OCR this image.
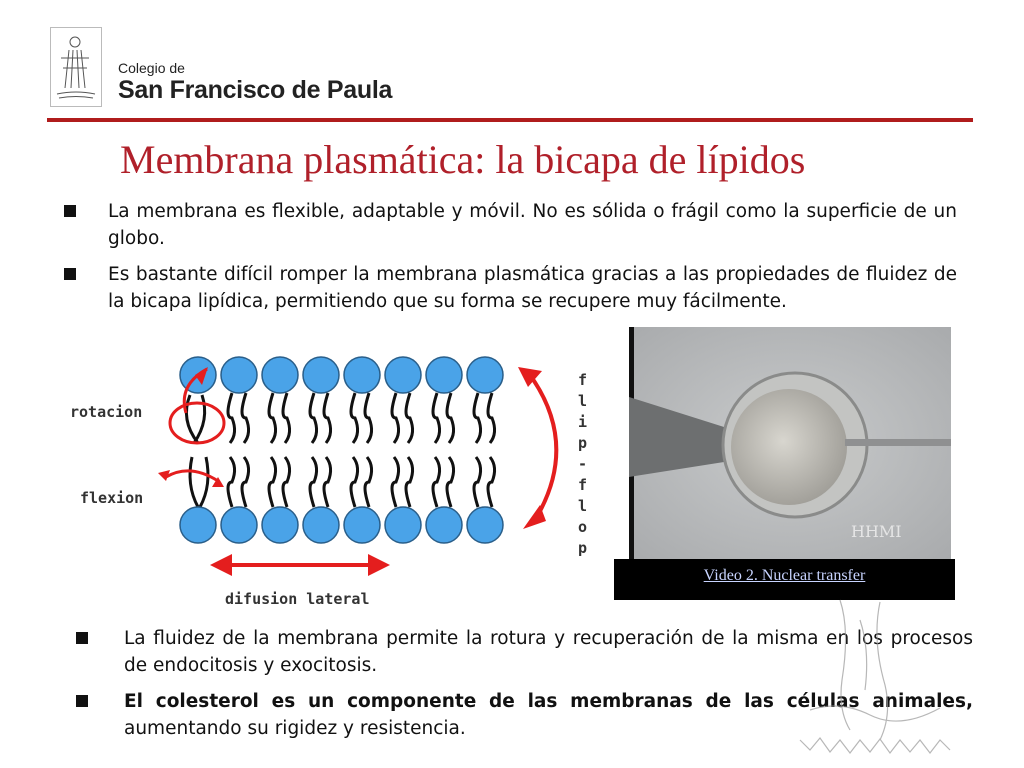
Colegio de
San Francisco de Paula
Membrana plasmática: la bicapa de lípidos
La membrana es flexible, adaptable y móvil. No es sólida o frágil como la superficie de un globo.
Es bastante difícil romper la membrana plasmática gracias a las propiedades de fluidez de la bicapa lipídica, permitiendo que su forma se recupere muy fácilmente.
rotacion
flexion
difusion lateral
f
l
i
p
-
f
l
o
p
HHMI
Video 2. Nuclear transfer
La fluidez de la membrana permite la rotura y recuperación de la misma en los procesos de endocitosis y exocitosis.
El colesterol es un componente de las membranas de las células animales, aumentando su rigidez y resistencia.
